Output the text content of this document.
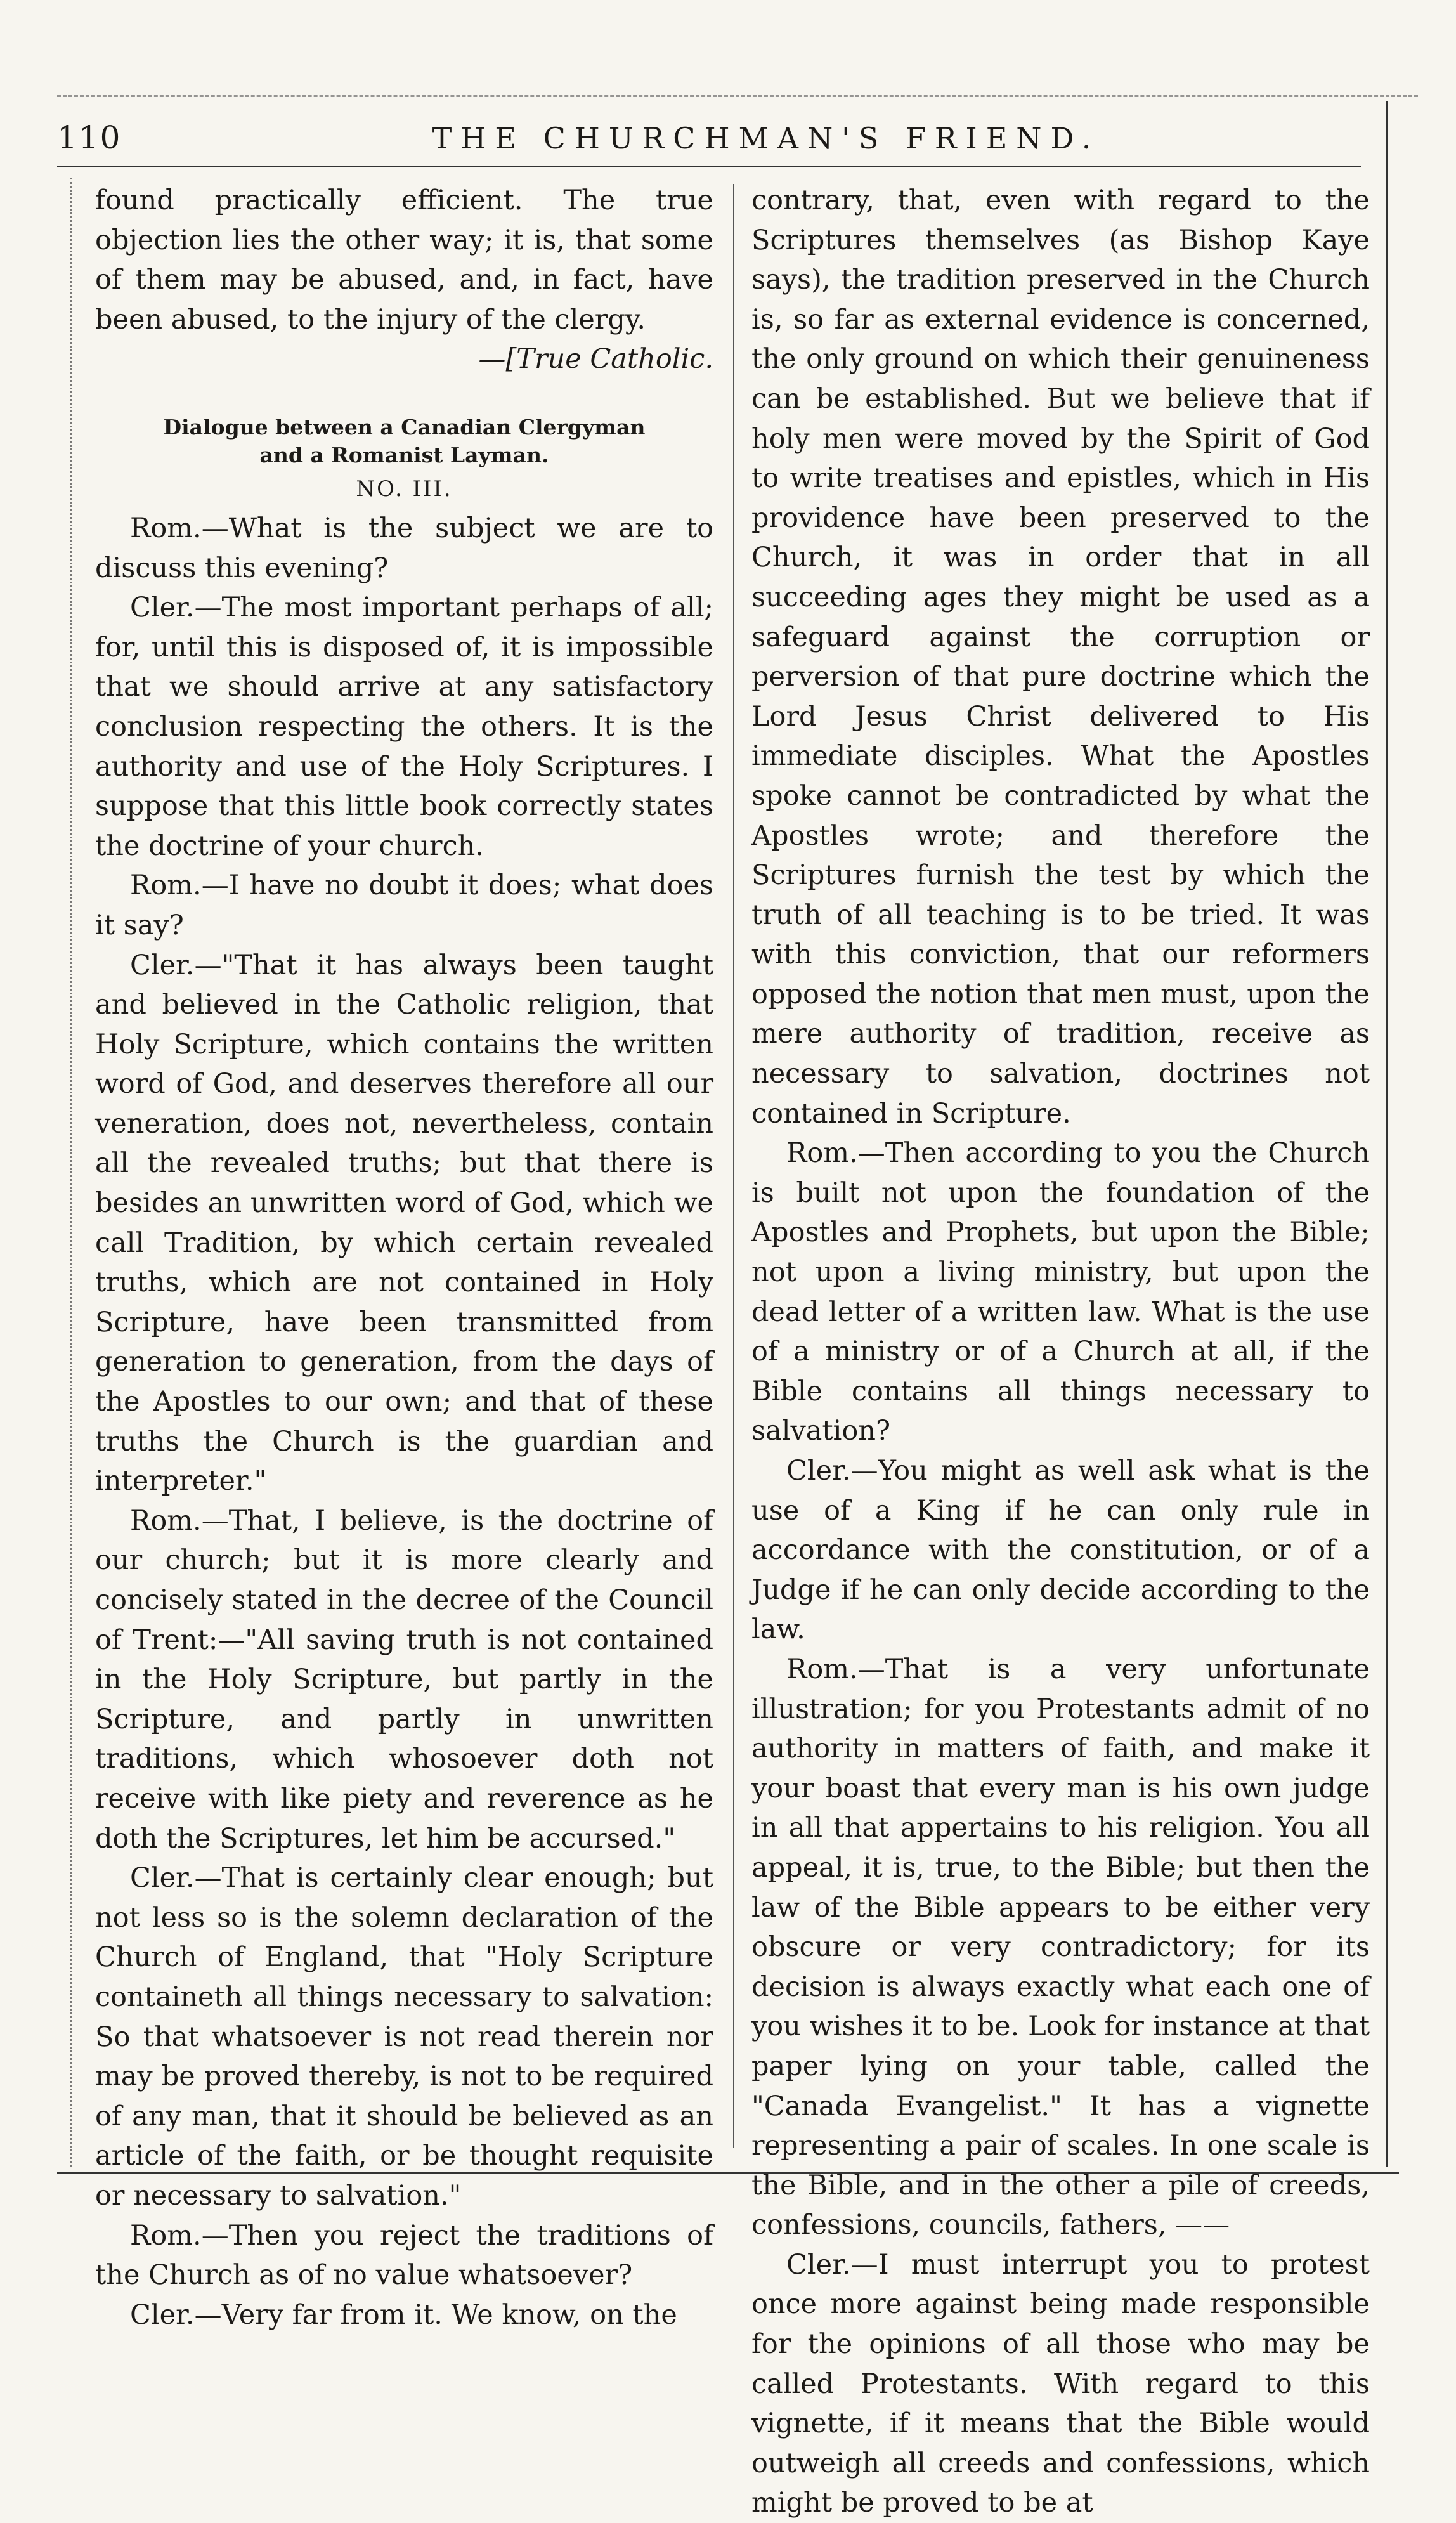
110	THE CHURCHMAN'S FRIEND.

found practically efficient. The true objection lies the other way; it is, that some of them may be abused, and, in fact, have been abused, to the injury of the clergy.

—[True Catholic.

Dialogue between a Canadian Clergyman and a Romanist Layman.
NO. III.

Rom.—What is the subject we are to discuss this evening?

Cler.—The most important perhaps of all; for, until this is disposed of, it is impossible that we should arrive at any satisfactory conclusion respecting the others. It is the authority and use of the Holy Scriptures. I suppose that this little book correctly states the doctrine of your church.

Rom.—I have no doubt it does; what does it say?

Cler.—"That it has always been taught and believed in the Catholic religion, that Holy Scripture, which contains the written word of God, and deserves therefore all our veneration, does not, nevertheless, contain all the revealed truths; but that there is besides an unwritten word of God, which we call Tradition, by which certain revealed truths, which are not contained in Holy Scripture, have been transmitted from generation to generation, from the days of the Apostles to our own; and that of these truths the Church is the guardian and interpreter."

Rom.—That, I believe, is the doctrine of our church; but it is more clearly and concisely stated in the decree of the Council of Trent:—"All saving truth is not contained in the Holy Scripture, but partly in the Scripture, and partly in unwritten traditions, which whosoever doth not receive with like piety and reverence as he doth the Scriptures, let him be accursed."

Cler.—That is certainly clear enough; but not less so is the solemn declaration of the Church of England, that "Holy Scripture containeth all things necessary to salvation: So that whatsoever is not read therein nor may be proved thereby, is not to be required of any man, that it should be believed as an article of the faith, or be thought requisite or necessary to salvation."

Rom.—Then you reject the traditions of the Church as of no value whatsoever?

Cler.—Very far from it. We know, on the

contrary, that, even with regard to the Scriptures themselves (as Bishop Kaye says), the tradition preserved in the Church is, so far as external evidence is concerned, the only ground on which their genuineness can be established. But we believe that if holy men were moved by the Spirit of God to write treatises and epistles, which in His providence have been preserved to the Church, it was in order that in all succeeding ages they might be used as a safeguard against the corruption or perversion of that pure doctrine which the Lord Jesus Christ delivered to His immediate disciples. What the Apostles spoke cannot be contradicted by what the Apostles wrote; and therefore the Scriptures furnish the test by which the truth of all teaching is to be tried. It was with this conviction, that our reformers opposed the notion that men must, upon the mere authority of tradition, receive as necessary to salvation, doctrines not contained in Scripture.

Rom.—Then according to you the Church is built not upon the foundation of the Apostles and Prophets, but upon the Bible; not upon a living ministry, but upon the dead letter of a written law. What is the use of a ministry or of a Church at all, if the Bible contains all things necessary to salvation?

Cler.—You might as well ask what is the use of a King if he can only rule in accordance with the constitution, or of a Judge if he can only decide according to the law.

Rom.—That is a very unfortunate illustration; for you Protestants admit of no authority in matters of faith, and make it your boast that every man is his own judge in all that appertains to his religion. You all appeal, it is, true, to the Bible; but then the law of the Bible appears to be either very obscure or very contradictory; for its decision is always exactly what each one of you wishes it to be. Look for instance at that paper lying on your table, called the "Canada Evangelist." It has a vignette representing a pair of scales. In one scale is the Bible, and in the other a pile of creeds, confessions, councils, fathers, ——

Cler.—I must interrupt you to protest once more against being made responsible for the opinions of all those who may be called Protestants. With regard to this vignette, if it means that the Bible would outweigh all creeds and confessions, which might be proved to be at
